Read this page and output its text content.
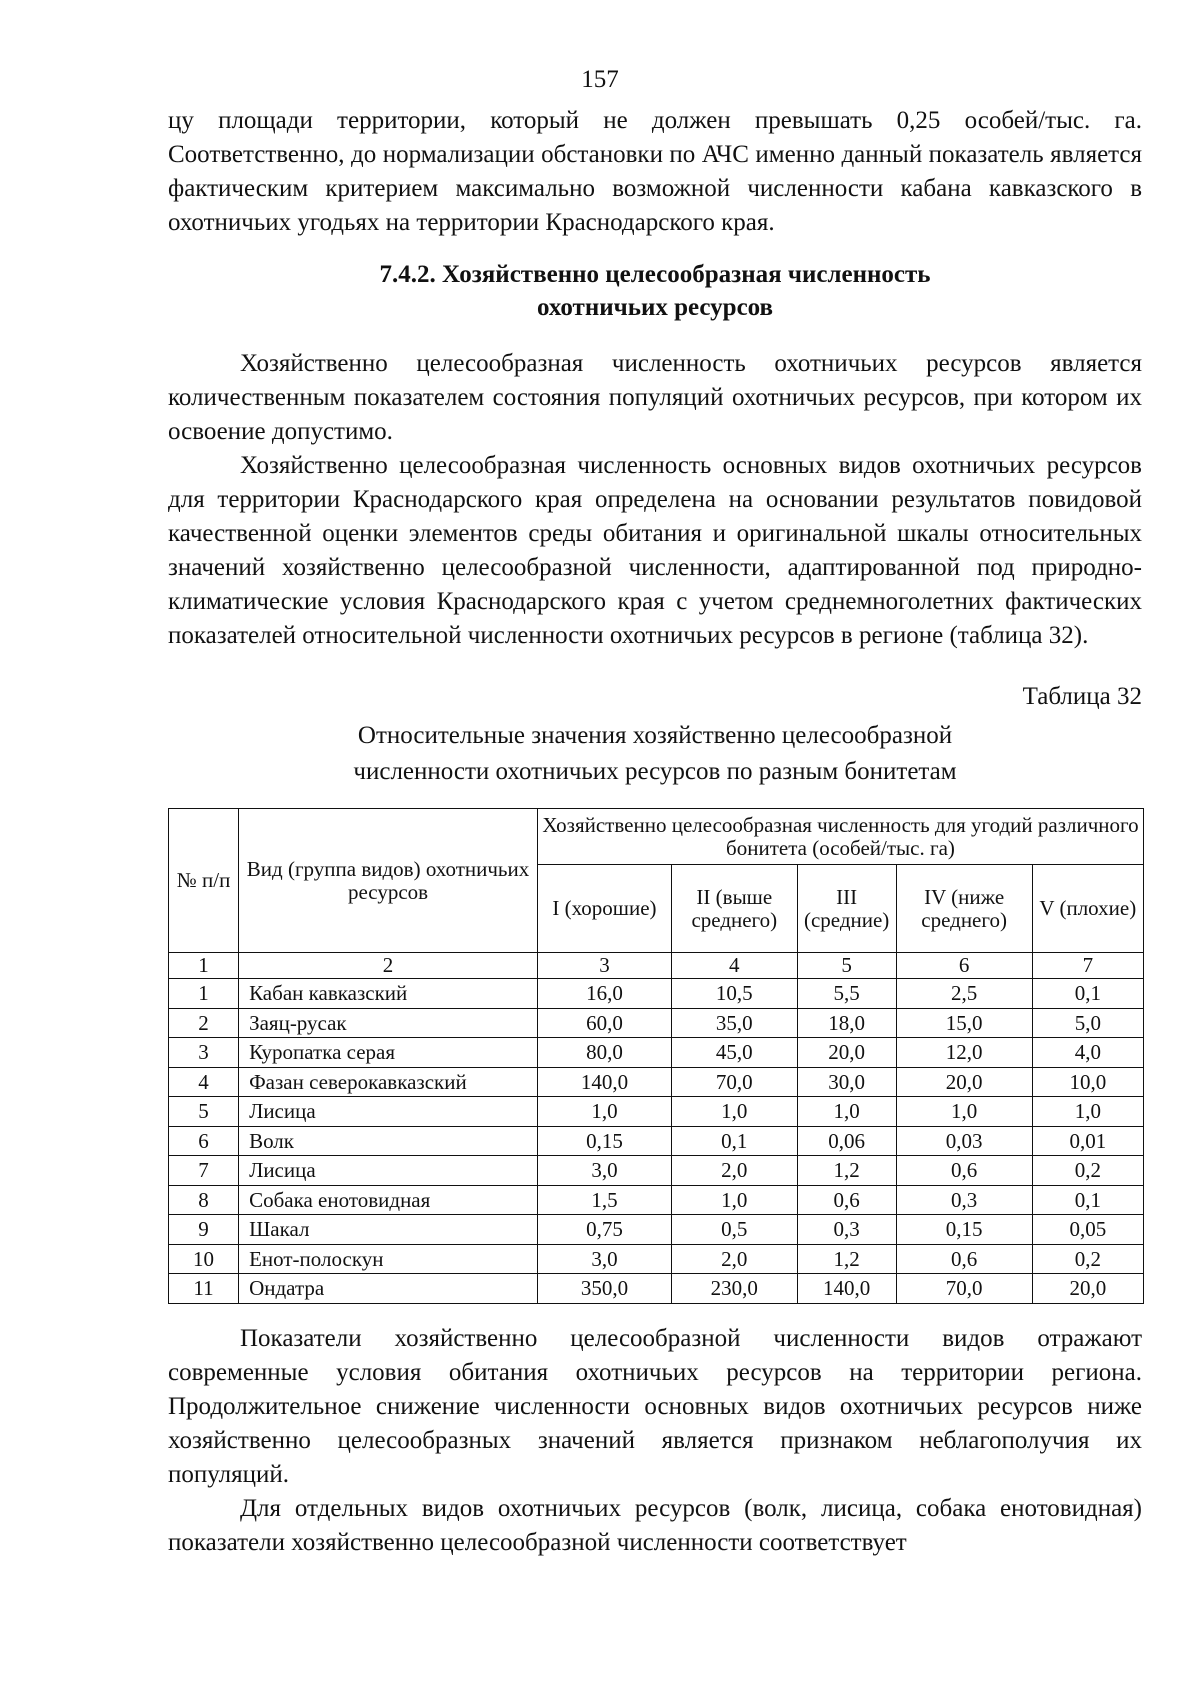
157

цу площади территории, который не должен превышать 0,25 особей/тыс. га. Соответственно, до нормализации обстановки по АЧС именно данный показатель является фактическим критерием максимально возможной численности кабана кавказского в охотничьих угодьях на территории Краснодарского края.

7.4.2. Хозяйственно целесообразная численность
охотничьих ресурсов

Хозяйственно целесообразная численность охотничьих ресурсов является количественным показателем состояния популяций охотничьих ресурсов, при котором их освоение допустимо.

Хозяйственно целесообразная численность основных видов охотничьих ресурсов для территории Краснодарского края определена на основании результатов повидовой качественной оценки элементов среды обитания и оригинальной шкалы относительных значений хозяйственно целесообразной численности, адаптированной под природно-климатические условия Краснодарского края с учетом среднемноголетних фактических показателей относительной численности охотничьих ресурсов в регионе (таблица 32).

Таблица 32
Относительные значения хозяйственно целесообразной
численности охотничьих ресурсов по разным бонитетам
№ п/п	Вид (группа видов) охотничьих ресурсов	Хозяйственно целесообразная численность для угодий различного бонитета (особей/тыс. га)				
		I (хорошие)	II (выше среднего)	III (средние)	IV (ниже среднего)	V (плохие)
1	2	3	4	5	6	7
1	Кабан кавказский	16,0	10,5	5,5	2,5	0,1
2	Заяц-русак	60,0	35,0	18,0	15,0	5,0
3	Куропатка серая	80,0	45,0	20,0	12,0	4,0
4	Фазан северокавказский	140,0	70,0	30,0	20,0	10,0
5	Лисица	1,0	1,0	1,0	1,0	1,0
6	Волк	0,15	0,1	0,06	0,03	0,01
7	Лисица	3,0	2,0	1,2	0,6	0,2
8	Собака енотовидная	1,5	1,0	0,6	0,3	0,1
9	Шакал	0,75	0,5	0,3	0,15	0,05
10	Енот-полоскун	3,0	2,0	1,2	0,6	0,2
11	Ондатра	350,0	230,0	140,0	70,0	20,0

Показатели хозяйственно целесообразной численности видов отражают современные условия обитания охотничьих ресурсов на территории региона. Продолжительное снижение численности основных видов охотничьих ресурсов ниже хозяйственно целесообразных значений является признаком неблагополучия их популяций.

Для отдельных видов охотничьих ресурсов (волк, лисица, собака енотовидная) показатели хозяйственно целесообразной численности соответствует
